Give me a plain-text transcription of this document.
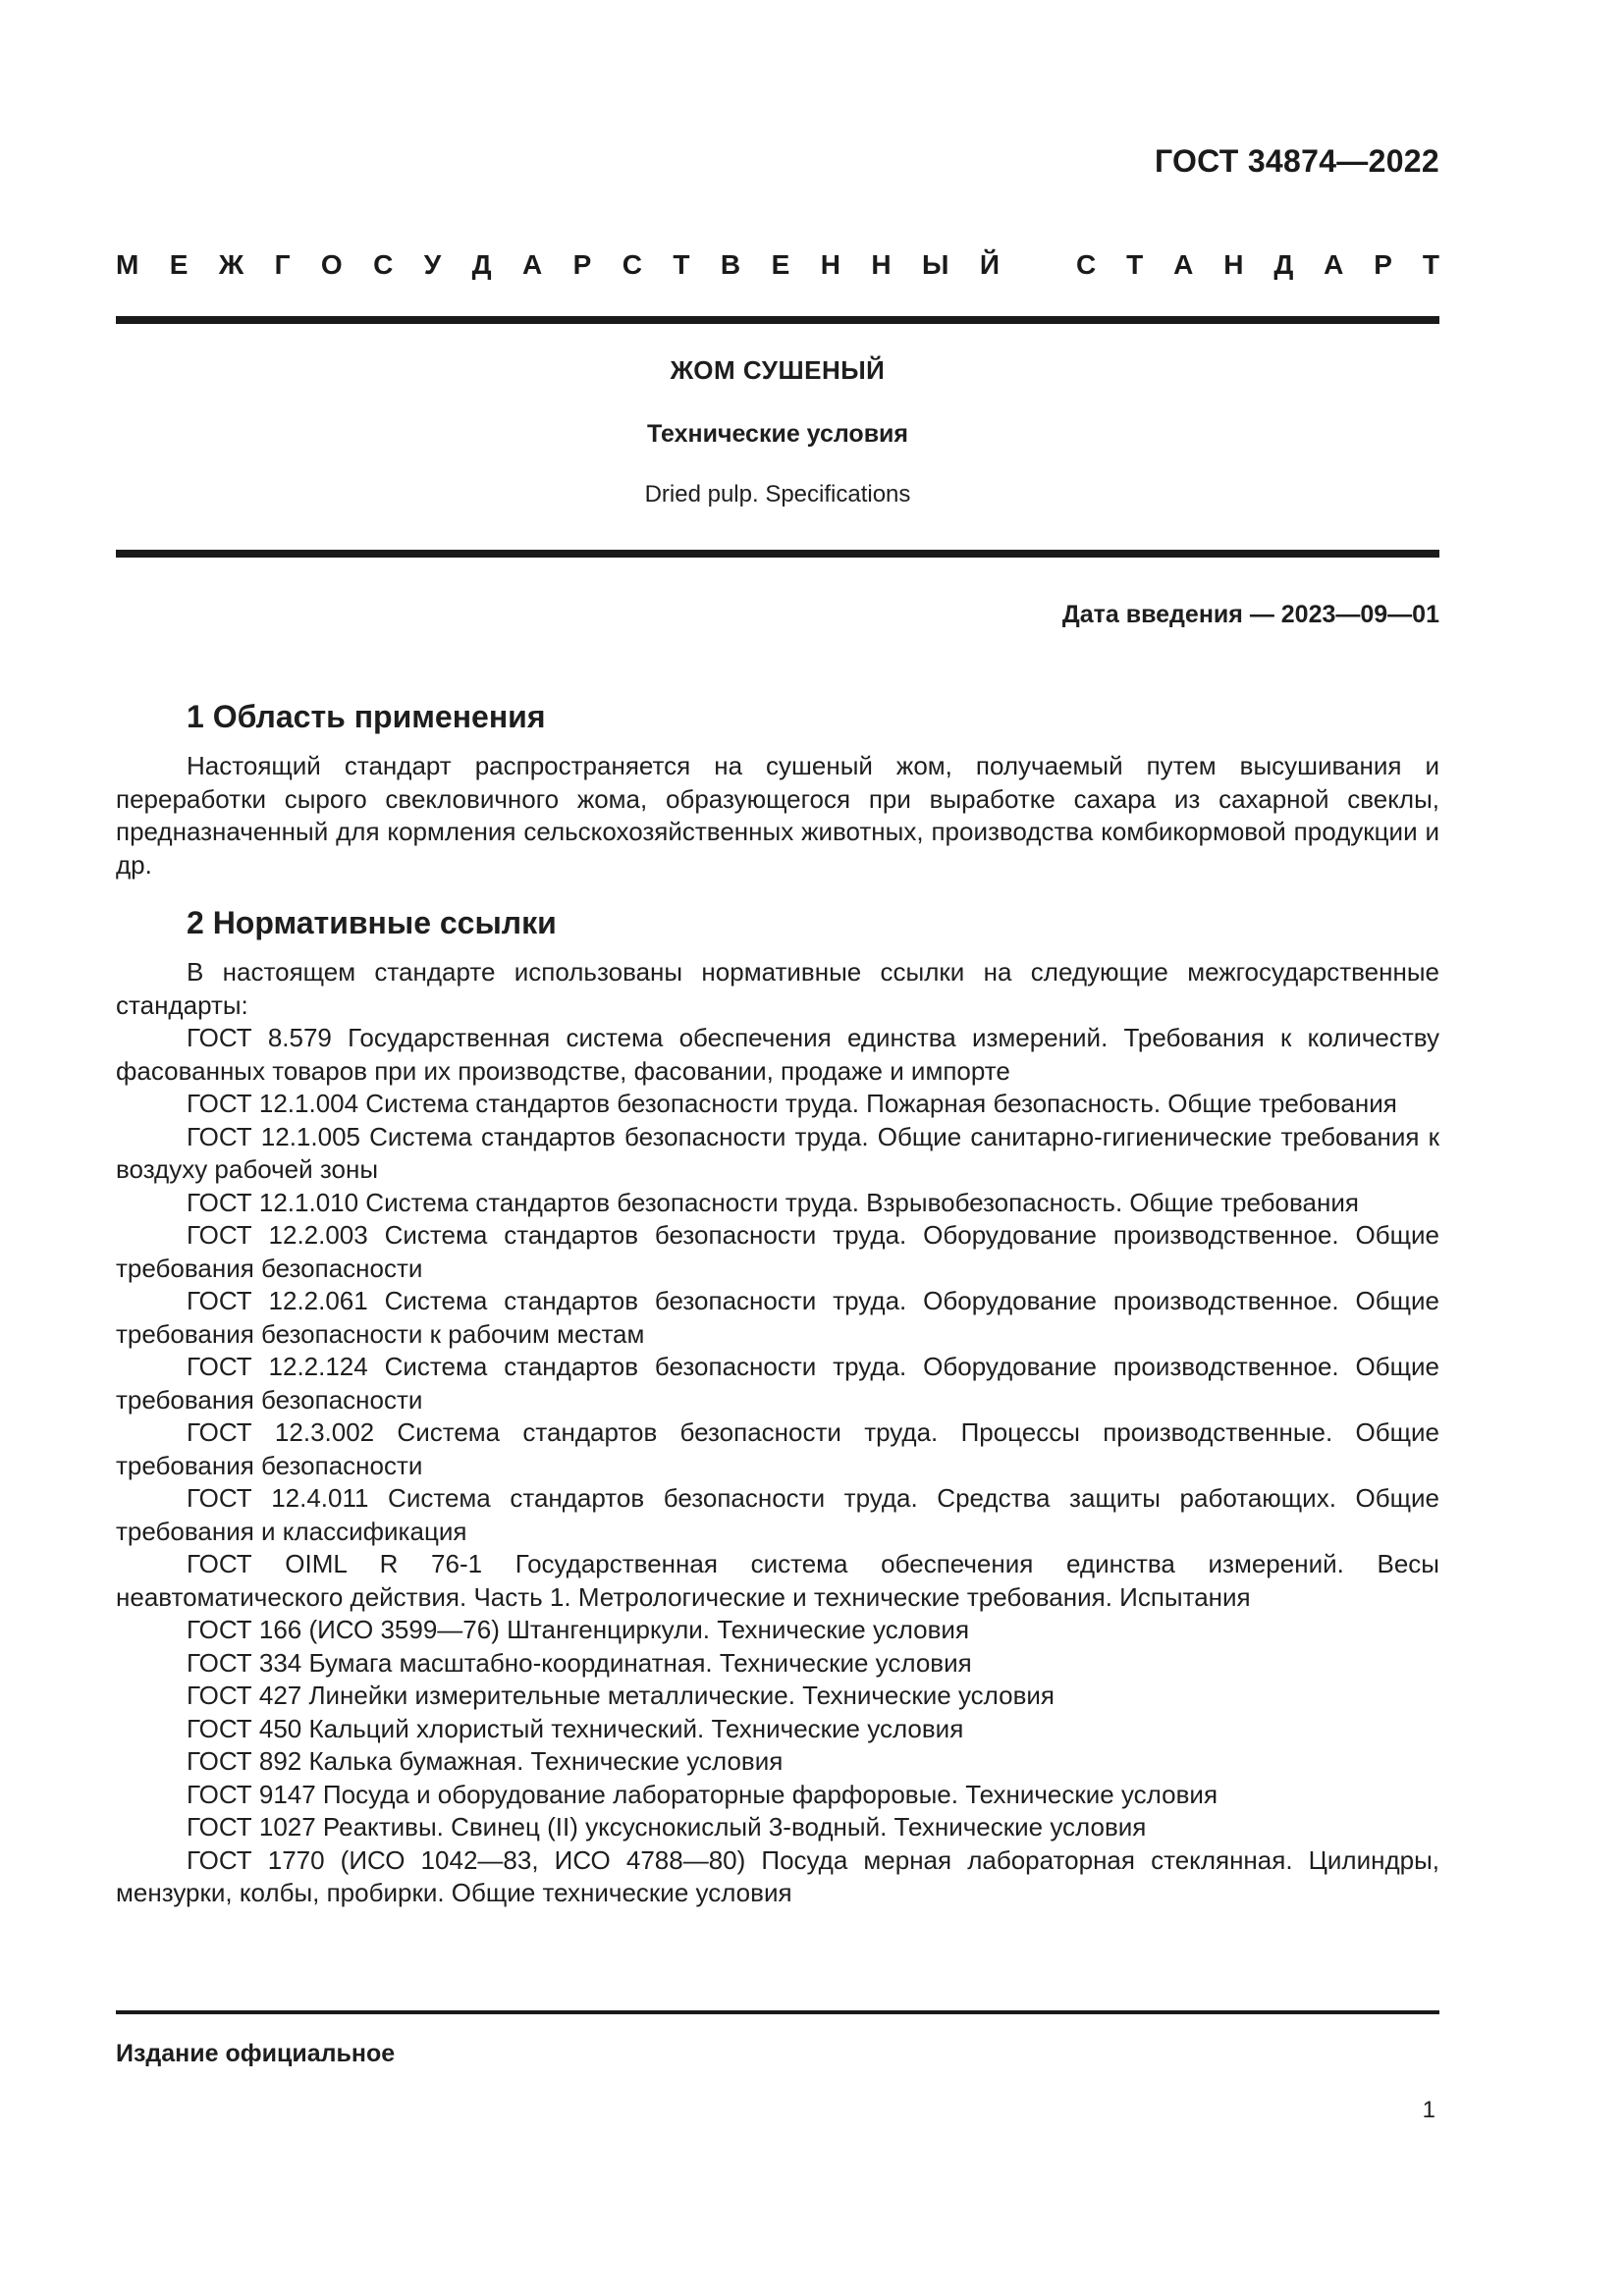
ГОСТ 34874—2022
М Е Ж Г О С У Д А Р С Т В Е Н Н Ы Й	С Т А Н Д А Р Т
ЖОМ СУШЕНЫЙ
Технические условия
Dried pulp. Specifications
Дата введения — 2023—09—01
1 Область применения

Настоящий стандарт распространяется на сушеный жом, получаемый путем высушивания и переработки сырого свекловичного жома, образующегося при выработке сахара из сахарной свеклы, предназначенный для кормления сельскохозяйственных животных, производства комбикормовой продукции и др.

2 Нормативные ссылки

В настоящем стандарте использованы нормативные ссылки на следующие межгосударственные стандарты:

ГОСТ 8.579 Государственная система обеспечения единства измерений. Требования к количеству фасованных товаров при их производстве, фасовании, продаже и импорте

ГОСТ 12.1.004 Система стандартов безопасности труда. Пожарная безопасность. Общие требования

ГОСТ 12.1.005 Система стандартов безопасности труда. Общие санитарно-гигиенические требования к воздуху рабочей зоны

ГОСТ 12.1.010 Система стандартов безопасности труда. Взрывобезопасность. Общие требования

ГОСТ 12.2.003 Система стандартов безопасности труда. Оборудование производственное. Общие требования безопасности

ГОСТ 12.2.061 Система стандартов безопасности труда. Оборудование производственное. Общие требования безопасности к рабочим местам

ГОСТ 12.2.124 Система стандартов безопасности труда. Оборудование производственное. Общие требования безопасности

ГОСТ 12.3.002 Система стандартов безопасности труда. Процессы производственные. Общие требования безопасности

ГОСТ 12.4.011 Система стандартов безопасности труда. Средства защиты работающих. Общие требования и классификация

ГОСТ OIML R 76-1 Государственная система обеспечения единства измерений. Весы неавтоматического действия. Часть 1. Метрологические и технические требования. Испытания

ГОСТ 166 (ИСО 3599—76) Штангенциркули. Технические условия

ГОСТ 334 Бумага масштабно-координатная. Технические условия

ГОСТ 427 Линейки измерительные металлические. Технические условия

ГОСТ 450 Кальций хлористый технический. Технические условия

ГОСТ 892 Калька бумажная. Технические условия

ГОСТ 9147 Посуда и оборудование лабораторные фарфоровые. Технические условия

ГОСТ 1027 Реактивы. Свинец (II) уксуснокислый 3-водный. Технические условия

ГОСТ 1770 (ИСО 1042—83, ИСО 4788—80) Посуда мерная лабораторная стеклянная. Цилиндры, мензурки, колбы, пробирки. Общие технические условия

Издание официальное
1
